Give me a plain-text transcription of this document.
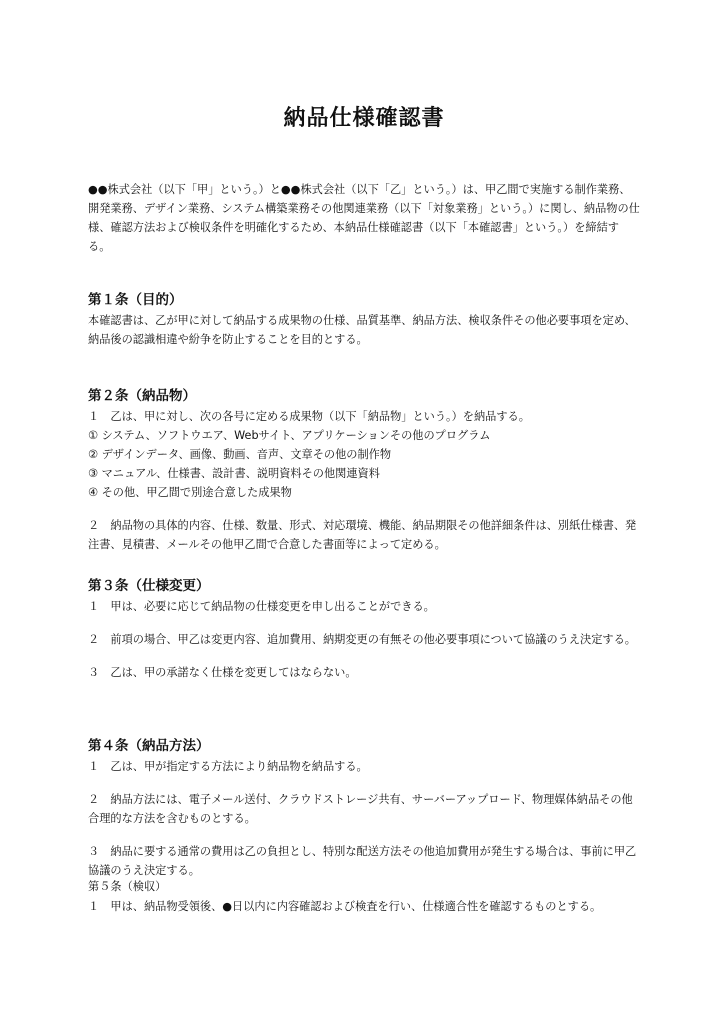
納品仕様確認書

●●株式会社（以下「甲」という。）と●●株式会社（以下「乙」という。）は、甲乙間で実施する制作業務、開発業務、デザイン業務、システム構築業務その他関連業務（以下「対象業務」という。）に関し、納品物の仕様、確認方法および検収条件を明確化するため、本納品仕様確認書（以下「本確認書」という。）を締結する。

第１条（目的）

本確認書は、乙が甲に対して納品する成果物の仕様、品質基準、納品方法、検収条件その他必要事項を定め、納品後の認識相違や紛争を防止することを目的とする。

第２条（納品物）

１　乙は、甲に対し、次の各号に定める成果物（以下「納品物」という。）を納品する。

① システム、ソフトウエア、Webサイト、アプリケーションその他のプログラム

② デザインデータ、画像、動画、音声、文章その他の制作物

③ マニュアル、仕様書、設計書、説明資料その他関連資料

④ その他、甲乙間で別途合意した成果物

２　納品物の具体的内容、仕様、数量、形式、対応環境、機能、納品期限その他詳細条件は、別紙仕様書、発注書、見積書、メールその他甲乙間で合意した書面等によって定める。

第３条（仕様変更）

１　甲は、必要に応じて納品物の仕様変更を申し出ることができる。

２　前項の場合、甲乙は変更内容、追加費用、納期変更の有無その他必要事項について協議のうえ決定する。

３　乙は、甲の承諾なく仕様を変更してはならない。

第４条（納品方法）

１　乙は、甲が指定する方法により納品物を納品する。

２　納品方法には、電子メール送付、クラウドストレージ共有、サーバーアップロード、物理媒体納品その他合理的な方法を含むものとする。

３　納品に要する通常の費用は乙の負担とし、特別な配送方法その他追加費用が発生する場合は、事前に甲乙協議のうえ決定する。

第５条（検収）

１　甲は、納品物受領後、●日以内に内容確認および検査を行い、仕様適合性を確認するものとする。
